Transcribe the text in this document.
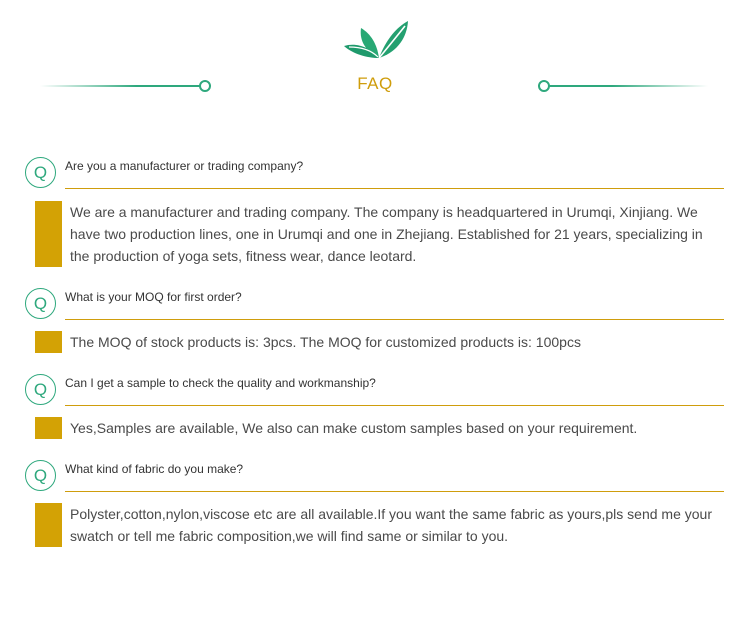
FAQ
Q	Are you a manufacturer or trading company?
We are a manufacturer and trading company. The company is headquartered in Urumqi, Xinjiang. We have two production lines, one in Urumqi and one in Zhejiang. Established for 21 years, specializing in the production of yoga sets, fitness wear, dance leotard.
Q	What is your MOQ for first order?
The MOQ of stock products is: 3pcs. The MOQ for customized products is: 100pcs
Q	Can I get a sample to check the quality and workmanship?
Yes,Samples are available, We also can make custom samples based on your requirement.
Q	What kind of fabric do you make?
Polyster,cotton,nylon,viscose etc are all available.If you want the same fabric as yours,pls send me your swatch or tell me fabric composition,we will find same or similar to you.
